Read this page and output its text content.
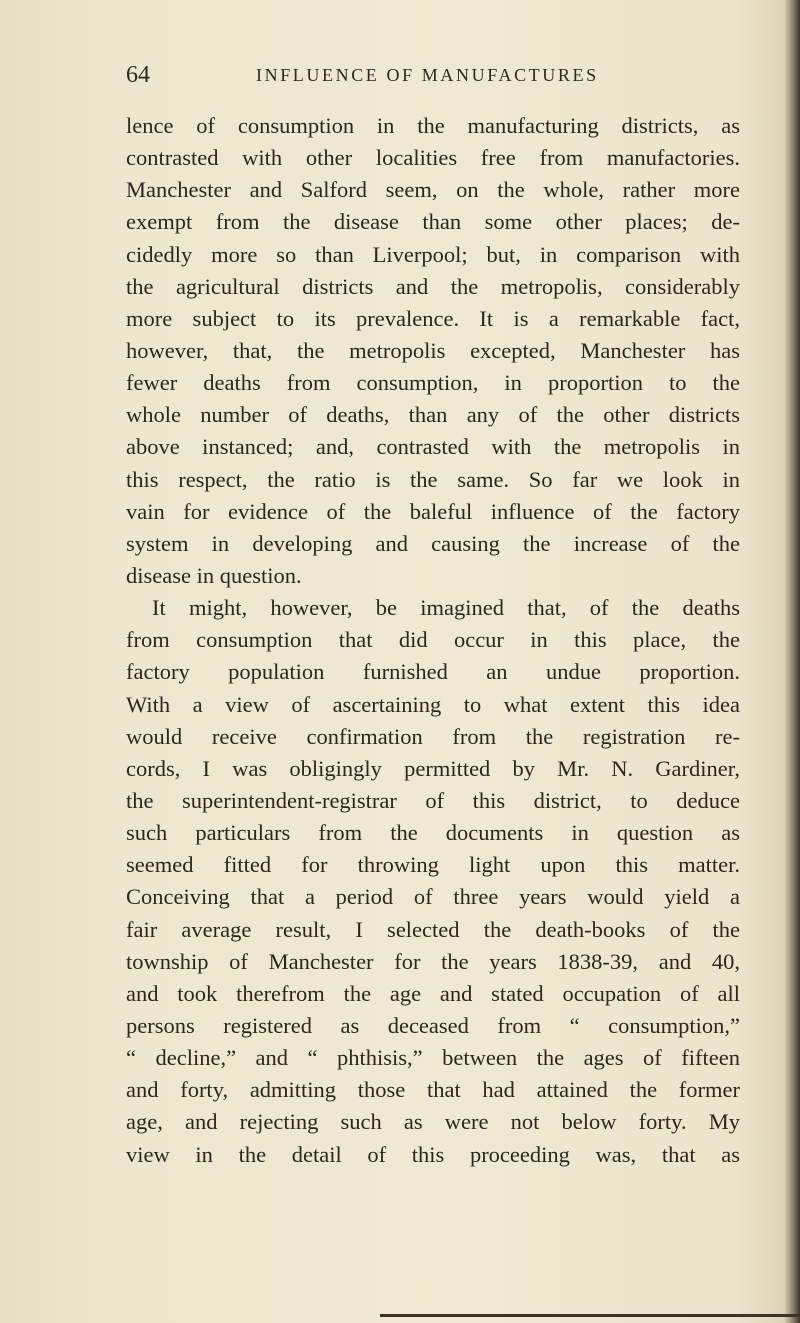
64	INFLUENCE OF MANUFACTURES
lence of consumption in the manufacturing districts, as
contrasted with other localities free from manufactories.
Manchester and Salford seem, on the whole, rather more
exempt from the disease than some other places; de-
cidedly more so than Liverpool; but, in comparison with
the agricultural districts and the metropolis, considerably
more subject to its prevalence. It is a remarkable fact,
however, that, the metropolis excepted, Manchester has
fewer deaths from consumption, in proportion to the
whole number of deaths, than any of the other districts
above instanced; and, contrasted with the metropolis in
this respect, the ratio is the same. So far we look in
vain for evidence of the baleful influence of the factory
system in developing and causing the increase of the
disease in question.
It might, however, be imagined that, of the deaths
from consumption that did occur in this place, the
factory population furnished an undue proportion.
With a view of ascertaining to what extent this idea
would receive confirmation from the registration re-
cords, I was obligingly permitted by Mr. N. Gardiner,
the superintendent-registrar of this district, to deduce
such particulars from the documents in question as
seemed fitted for throwing light upon this matter.
Conceiving that a period of three years would yield a
fair average result, I selected the death-books of the
township of Manchester for the years 1838-39, and 40,
and took therefrom the age and stated occupation of all
persons registered as deceased from “ consumption,”
“ decline,” and “ phthisis,” between the ages of fifteen
and forty, admitting those that had attained the former
age, and rejecting such as were not below forty. My
view in the detail of this proceeding was, that as
